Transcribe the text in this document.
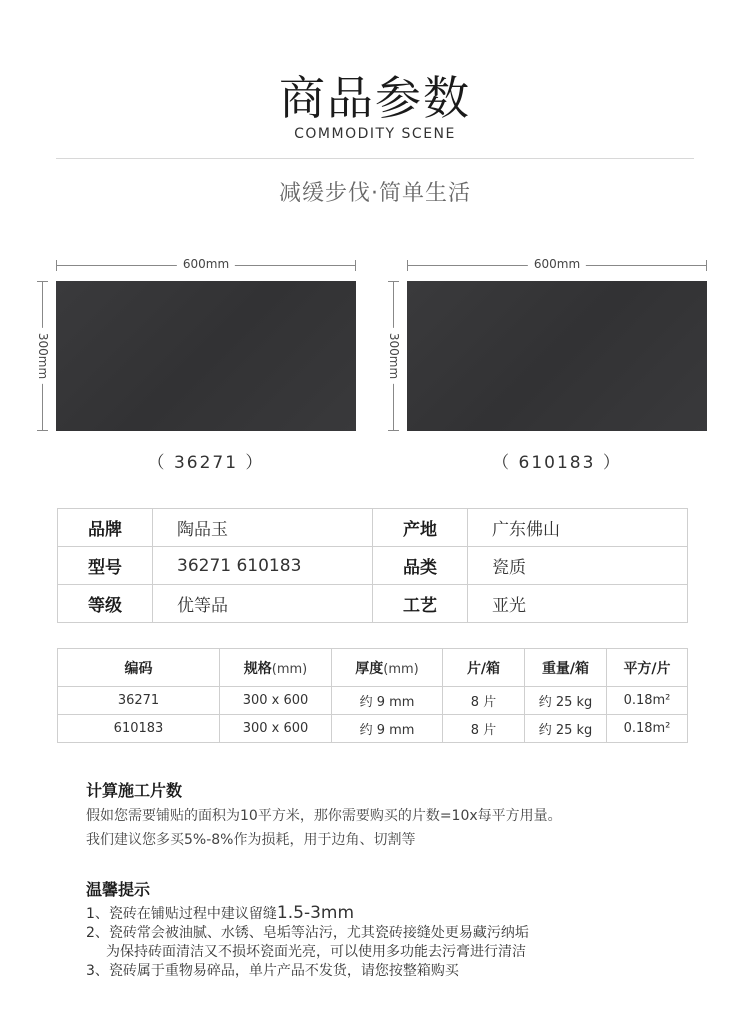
商品参数
COMMODITY SCENE
减缓步伐·简单生活
600mm
300mm
（ 36271 ）
600mm
300mm
（ 610183 ）
品牌	陶品玉	产地	广东佛山
型号	36271 610183	品类	瓷质
等级	优等品	工艺	亚光
编码	规格(mm)	厚度(mm)	片/箱	重量/箱	平方/片
36271	300 x 600	约 9 mm	8 片	约 25 kg	0.18m²
610183	300 x 600	约 9 mm	8 片	约 25 kg	0.18m²
计算施工片数
假如您需要铺贴的面积为10平方米，那你需要购买的片数=10x每平方用量。
我们建议您多买5%-8%作为损耗，用于边角、切割等
温馨提示
1、瓷砖在铺贴过程中建议留缝1.5-3mm
2、瓷砖常会被油腻、水锈、皂垢等沾污，尤其瓷砖接缝处更易藏污纳垢
为保持砖面清洁又不损坏瓷面光亮，可以使用多功能去污膏进行清洁
3、瓷砖属于重物易碎品，单片产品不发货，请您按整箱购买
